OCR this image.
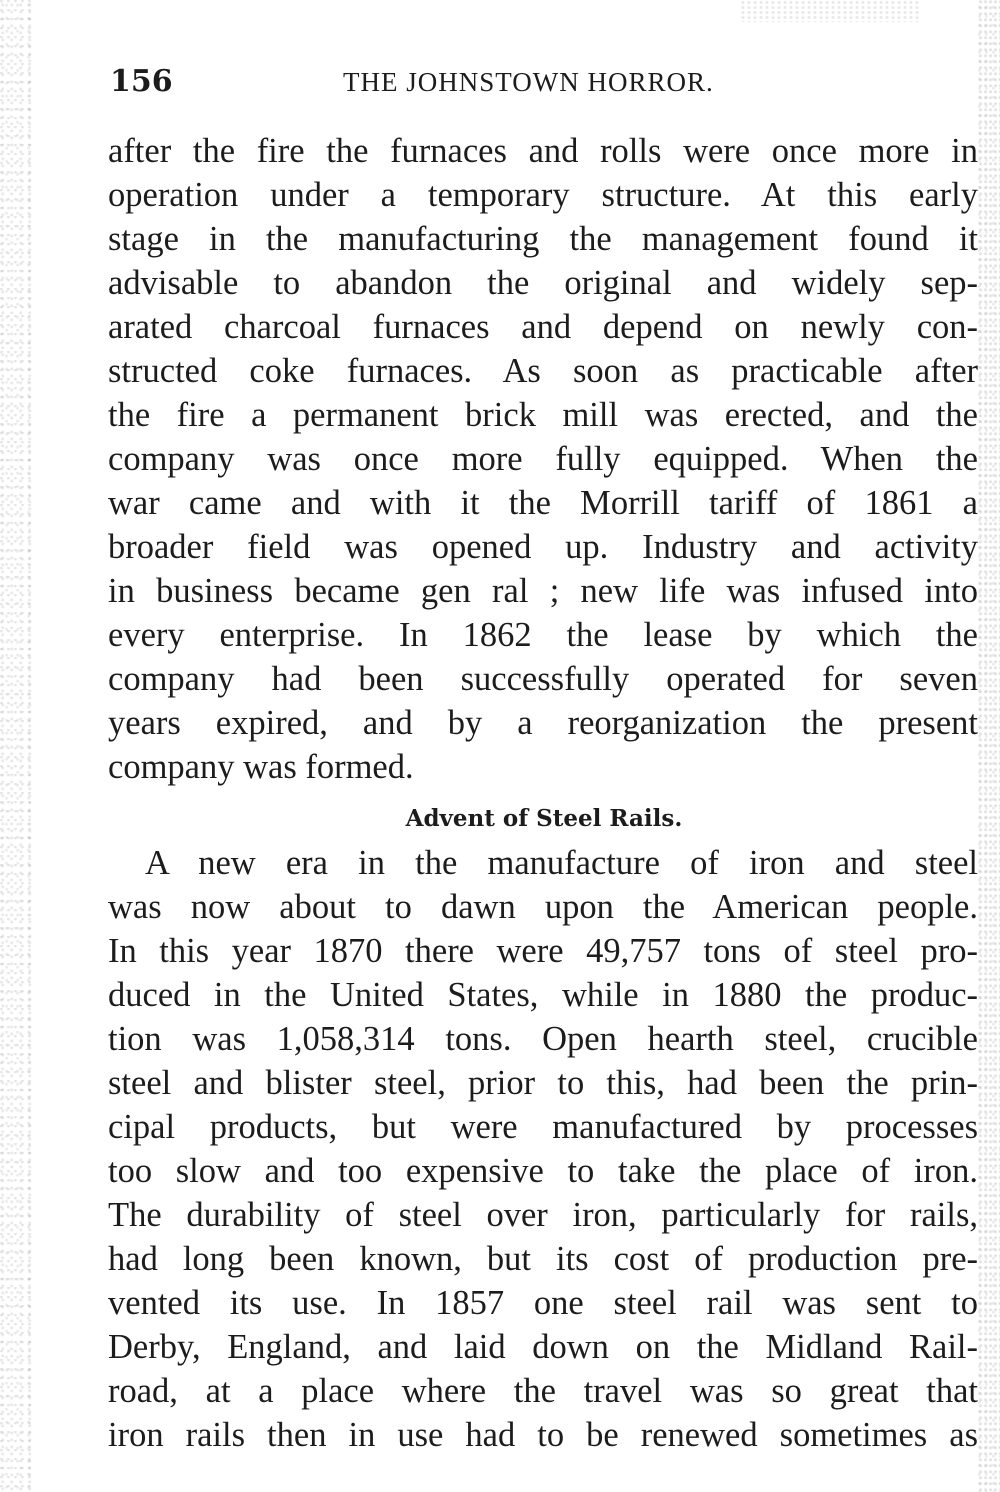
156	THE JOHNSTOWN HORROR.
after the fire the furnaces and rolls were once more in
operation under a temporary structure. At this early
stage in the manufacturing the management found it
advisable to abandon the original and widely sep-
arated charcoal furnaces and depend on newly con-
structed coke furnaces. As soon as practicable after
the fire a permanent brick mill was erected, and the
company was once more fully equipped. When the
war came and with it the Morrill tariff of 1861 a
broader field was opened up. Industry and activity
in business became gen ral ; new life was infused into
every enterprise. In 1862 the lease by which the
company had been successfully operated for seven
years expired, and by a reorganization the present
company was formed.
Advent of Steel Rails.
A new era in the manufacture of iron and steel
was now about to dawn upon the American people.
In this year 1870 there were 49,757 tons of steel pro-
duced in the United States, while in 1880 the produc-
tion was 1,058,314 tons. Open hearth steel, crucible
steel and blister steel, prior to this, had been the prin-
cipal products, but were manufactured by processes
too slow and too expensive to take the place of iron.
The durability of steel over iron, particularly for rails,
had long been known, but its cost of production pre-
vented its use. In 1857 one steel rail was sent to
Derby, England, and laid down on the Midland Rail-
road, at a place where the travel was so great that
iron rails then in use had to be renewed sometimes as
